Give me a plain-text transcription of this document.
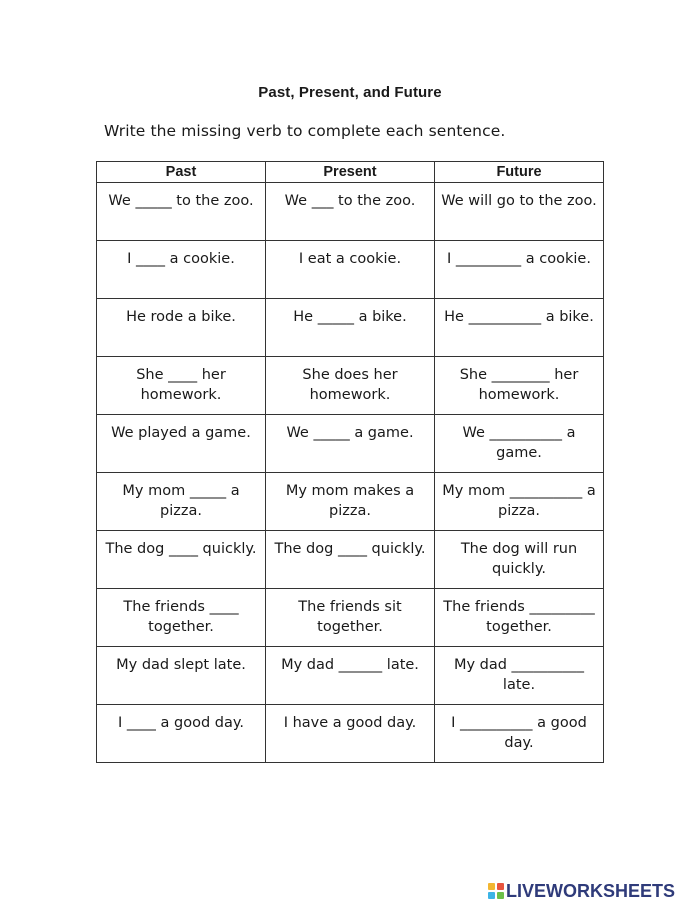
Past, Present, and Future
Write the missing verb to complete each sentence.
Past	Present	Future
We _____ to the zoo.	We ___ to the zoo.	We will go to the zoo.
I ____ a cookie.	I eat a cookie.	I _________ a cookie.
He rode a bike.	He _____ a bike.	He __________ a bike.
She ____ her homework.	She does her homework.	She ________ her homework.
We played a game.	We _____ a game.	We __________ a game.
My mom _____ a pizza.	My mom makes a pizza.	My mom __________ a pizza.
The dog ____ quickly.	The dog ____ quickly.	The dog will run quickly.
The friends ____ together.	The friends sit together.	The friends _________ together.
My dad slept late.	My dad ______ late.	My dad __________ late.
I ____ a good day.	I have a good day.	I __________ a good day.
LIVEWORKSHEETS
